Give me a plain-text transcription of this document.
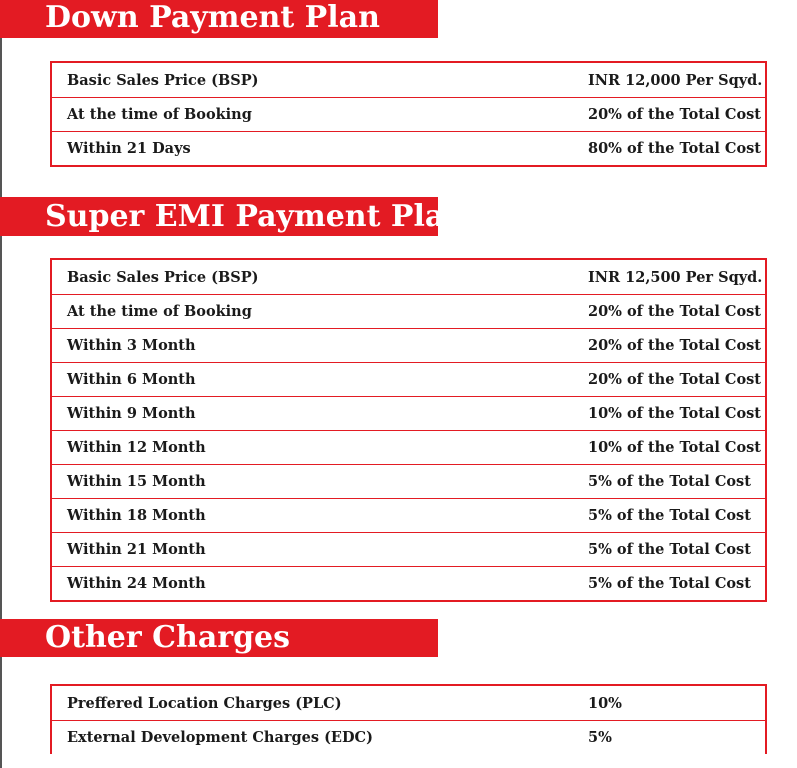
Down Payment Plan
Basic Sales Price (BSP)	INR 12,000 Per Sqyd.
At the time of Booking	20% of the Total Cost
Within 21 Days	80% of the Total Cost
Super EMI Payment Plan
Basic Sales Price (BSP)	INR 12,500 Per Sqyd.
At the time of Booking	20% of the Total Cost
Within 3 Month	20% of the Total Cost
Within 6 Month	20% of the Total Cost
Within 9 Month	10% of the Total Cost
Within 12 Month	10% of the Total Cost
Within 15 Month	5% of the Total Cost
Within 18 Month	5% of the Total Cost
Within 21 Month	5% of the Total Cost
Within 24 Month	5% of the Total Cost
Other Charges
Preffered Location Charges (PLC)	10%
External Development Charges (EDC)	5%
